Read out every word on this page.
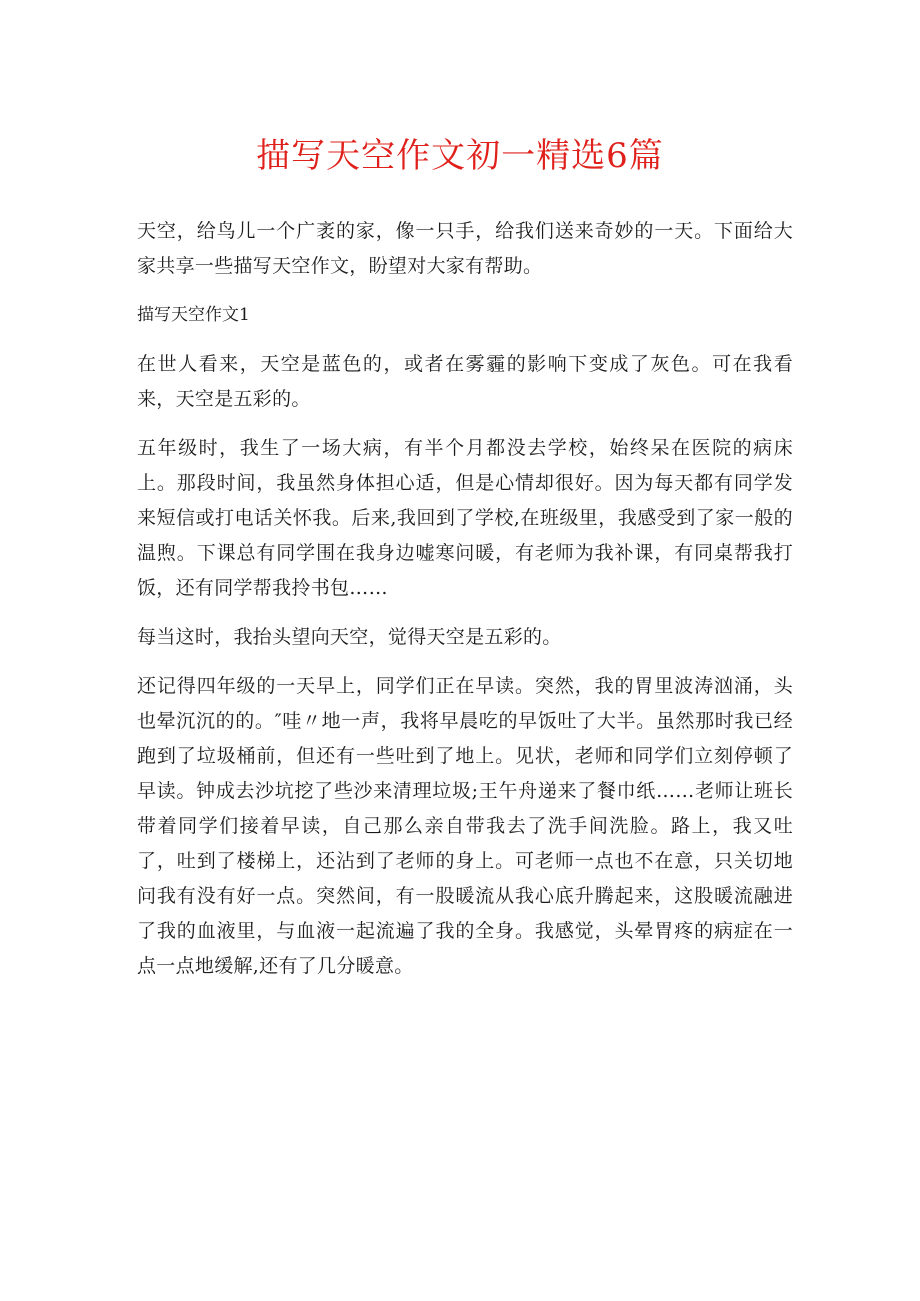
描写天空作文初一精选6篇

天空，给鸟儿一个广袤的家，像一只手，给我们送来奇妙的一天。下面给大家共享一些描写天空作文，盼望对大家有帮助。

描写天空作文1

在世人看来，天空是蓝色的，或者在雾霾的影响下变成了灰色。可在我看来，天空是五彩的。

五年级时，我生了一场大病，有半个月都没去学校，始终呆在医院的病床上。那段时间，我虽然身体担心适，但是心情却很好。因为每天都有同学发来短信或打电话关怀我。后来,我回到了学校,在班级里，我感受到了家一般的温煦。下课总有同学围在我身边嘘寒问暖，有老师为我补课，有同桌帮我打饭，还有同学帮我拎书包……

每当这时，我抬头望向天空，觉得天空是五彩的。

还记得四年级的一天早上，同学们正在早读。突然，我的胃里波涛汹涌，头也晕沉沉的的。″哇〃地一声，我将早晨吃的早饭吐了大半。虽然那时我已经跑到了垃圾桶前，但还有一些吐到了地上。见状，老师和同学们立刻停顿了早读。钟成去沙坑挖了些沙来清理垃圾;王午舟递来了餐巾纸……老师让班长带着同学们接着早读，自己那么亲自带我去了洗手间洗脸。路上，我又吐了，吐到了楼梯上，还沾到了老师的身上。可老师一点也不在意，只关切地问我有没有好一点。突然间，有一股暖流从我心底升腾起来，这股暖流融进了我的血液里，与血液一起流遍了我的全身。我感觉，头晕胃疼的病症在一点一点地缓解,还有了几分暖意。
